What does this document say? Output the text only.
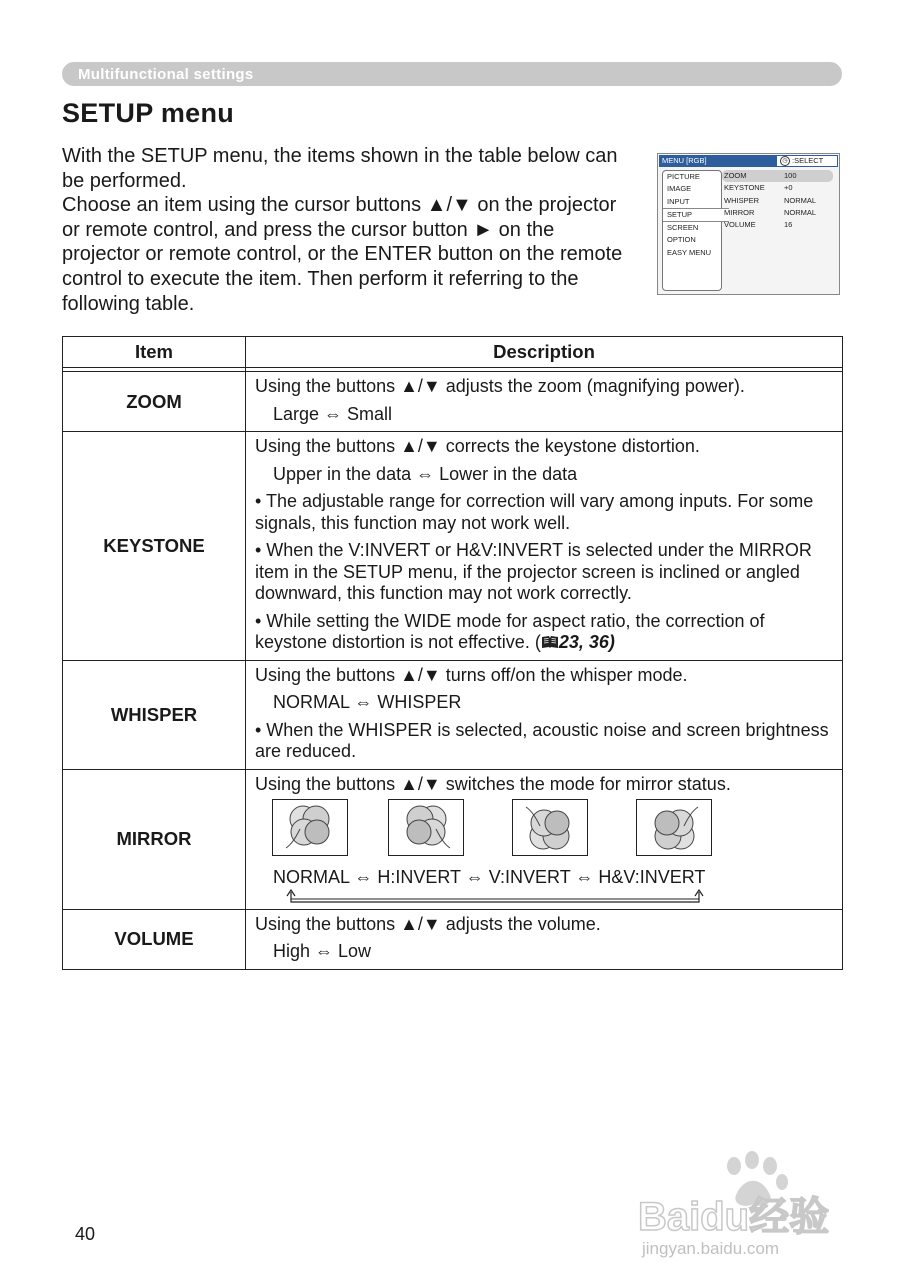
Multifunctional settings
SETUP menu

With the SETUP menu, the items shown in the table below can be performed.

Choose an item using the cursor buttons ▲/▼ on the projector or remote control, and press the cursor button ► on the projector or remote control, or the ENTER button on the remote control to execute the item. Then perform it referring to the following table.

MENU [RGB]	◷ :SELECT
PICTURE
IMAGE
INPUT
SETUP
SCREEN
OPTION
EASY MENU
ZOOM	100
KEYSTONE	+0
WHISPER	NORMAL
MIRROR	NORMAL
VOLUME	16
Item	Description

ZOOM	Using the buttons ▲/▼ adjusts the zoom (magnifying power).

Large ⇔ Small

KEYSTONE	Using the buttons ▲/▼ corrects the keystone distortion.

Upper in the data ⇔ Lower in the data

• The adjustable range for correction will vary among inputs. For some signals, this function may not work well.

• When the V:INVERT or H&V:INVERT is selected under the MIRROR item in the SETUP menu, if the projector screen is inclined or angled downward, this function may not work correctly.

• While setting the WIDE mode for aspect ratio, the correction of keystone distortion is not effective. ( 23, 36)

WHISPER	Using the buttons ▲/▼ turns off/on the whisper mode.

NORMAL ⇔ WHISPER

• When the WHISPER is selected, acoustic noise and screen brightness are reduced.

MIRROR	Using the buttons ▲/▼ switches the mode for mirror status.

NORMAL ⇔ H:INVERT ⇔ V:INVERT ⇔ H&V:INVERT

VOLUME	Using the buttons ▲/▼ adjusts the volume.

High ⇔ Low

40	Baidu经验
jingyan.baidu.com
